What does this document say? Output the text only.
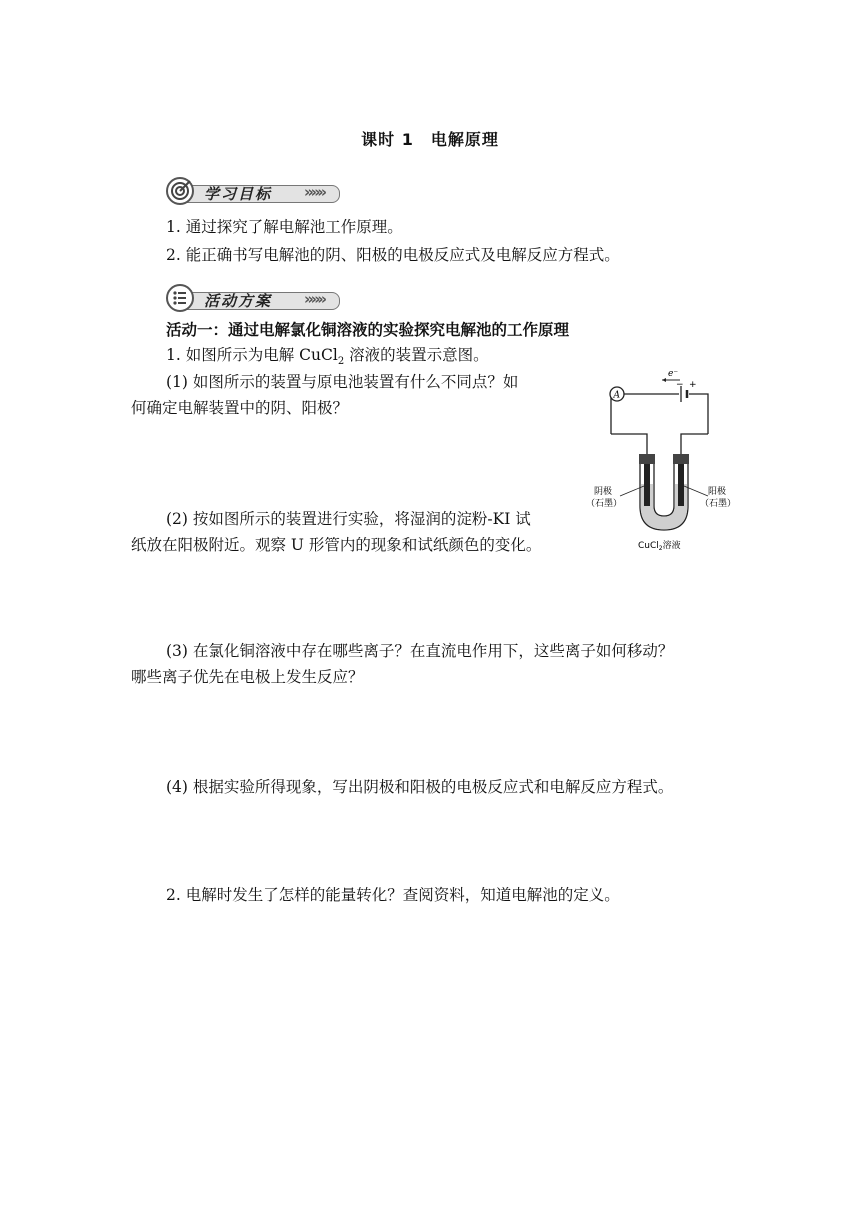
课时 1　电解原理
学习目标 »»»
1. 通过探究了解电解池工作原理。
2. 能正确书写电解池的阴、阳极的电极反应式及电解反应方程式。
活动方案 »»»
活动一：通过电解氯化铜溶液的实验探究电解池的工作原理
1. 如图所示为电解 CuCl$_2$ 溶液的装置示意图。
(1) 如图所示的装置与原电池装置有什么不同点？如
何确定电解装置中的阴、阳极？
(2) 按如图所示的装置进行实验，将湿润的淀粉-KI 试
纸放在阳极附近。观察 U 形管内的现象和试纸颜色的变化。
(3) 在氯化铜溶液中存在哪些离子？在直流电作用下，这些离子如何移动？
哪些离子优先在电极上发生反应？
(4) 根据实验所得现象，写出阴极和阳极的电极反应式和电解反应方程式。
2. 电解时发生了怎样的能量转化？查阅资料，知道电解池的定义。
− +
e⁻
A
阴极
（石墨）
阳极
（石墨）
CuCl$_2$溶液
